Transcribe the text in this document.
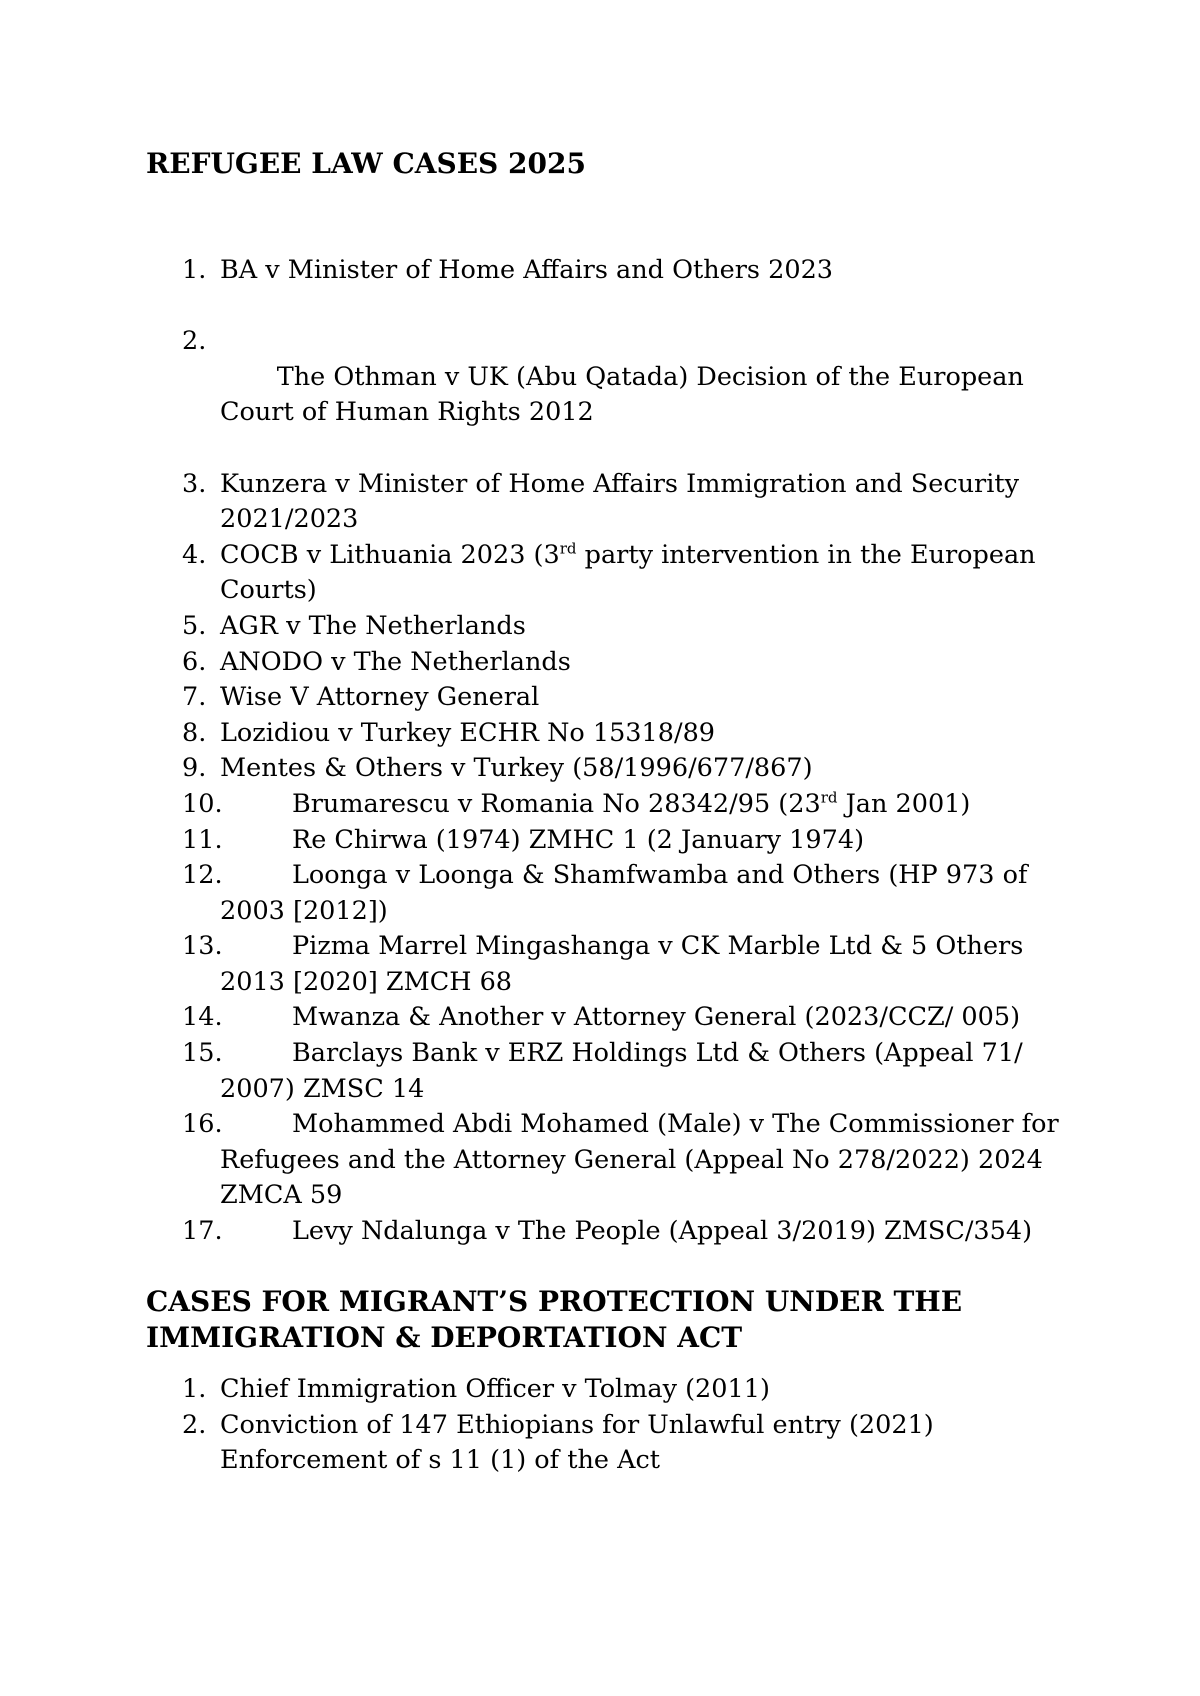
REFUGEE LAW CASES 2025
1. BA v Minister of Home Affairs and Others 2023

2.

The Othman v UK (Abu Qatada) Decision of the European Court of Human Rights 2012

3. Kunzera v Minister of Home Affairs Immigration and Security 2021/2023
4. COCB v Lithuania 2023 (3rd party intervention in the European Courts)
5. AGR v The Netherlands
6. ANODO v The Netherlands
7. Wise V Attorney General
8. Lozidiou v Turkey ECHR No 15318/89
9. Mentes & Others v Turkey (58/1996/677/867)
10.	Brumarescu v Romania No 28342/95 (23rd Jan 2001)
11.	Re Chirwa (1974) ZMHC 1 (2 January 1974)
12.	Loonga v Loonga & Shamfwamba and Others (HP 973 of 2003 [2012])
13.	Pizma Marrel Mingashanga v CK Marble Ltd & 5 Others 2013 [2020] ZMCH 68
14.	Mwanza & Another v Attorney General (2023/CCZ/ 005)
15.	Barclays Bank v ERZ Holdings Ltd & Others (Appeal 71/ 2007) ZMSC 14
16.	Mohammed Abdi Mohamed (Male) v The Commissioner for Refugees and the Attorney General (Appeal No 278/2022) 2024 ZMCA 59
17.	Levy Ndalunga v The People (Appeal 3/2019) ZMSC/354)
CASES FOR MIGRANT’S PROTECTION UNDER THE IMMIGRATION & DEPORTATION ACT
1. Chief Immigration Officer v Tolmay (2011)
2. Conviction of 147 Ethiopians for Unlawful entry (2021) Enforcement of s 11 (1) of the Act
